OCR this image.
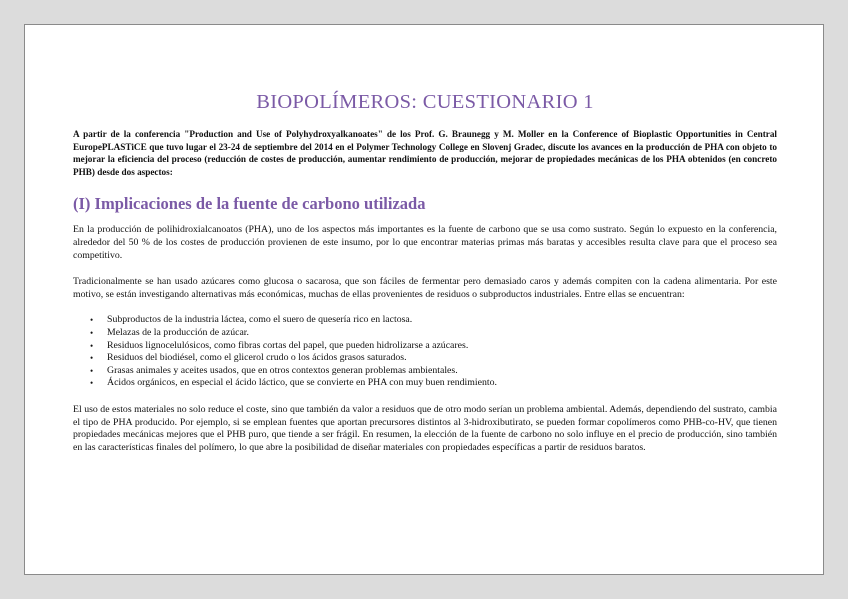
BIOPOLÍMEROS: CUESTIONARIO 1

A partir de la conferencia "Production and Use of Polyhydroxyalkanoates" de los Prof. G. Braunegg y M. Moller en la Conference of Bioplastic Opportunities in Central EuropePLASTiCE que tuvo lugar el 23-24 de septiembre del 2014 en el Polymer Technology College en Slovenj Gradec, discute los avances en la producción de PHA con objeto to mejorar la eficiencia del proceso (reducción de costes de producción, aumentar rendimiento de producción, mejorar de propiedades mecánicas de los PHA obtenidos (en concreto PHB) desde dos aspectos:

(I) Implicaciones de la fuente de carbono utilizada

En la producción de polihidroxialcanoatos (PHA), uno de los aspectos más importantes es la fuente de carbono que se usa como sustrato. Según lo expuesto en la conferencia, alrededor del 50 % de los costes de producción provienen de este insumo, por lo que encontrar materias primas más baratas y accesibles resulta clave para que el proceso sea competitivo.

Tradicionalmente se han usado azúcares como glucosa o sacarosa, que son fáciles de fermentar pero demasiado caros y además compiten con la cadena alimentaria. Por este motivo, se están investigando alternativas más económicas, muchas de ellas provenientes de residuos o subproductos industriales. Entre ellas se encuentran:

• Subproductos de la industria láctea, como el suero de quesería rico en lactosa.
• Melazas de la producción de azúcar.
• Residuos lignocelulósicos, como fibras cortas del papel, que pueden hidrolizarse a azúcares.
• Residuos del biodiésel, como el glicerol crudo o los ácidos grasos saturados.
• Grasas animales y aceites usados, que en otros contextos generan problemas ambientales.
• Ácidos orgánicos, en especial el ácido láctico, que se convierte en PHA con muy buen rendimiento.

El uso de estos materiales no solo reduce el coste, sino que también da valor a residuos que de otro modo serían un problema ambiental. Además, dependiendo del sustrato, cambia el tipo de PHA producido. Por ejemplo, si se emplean fuentes que aportan precursores distintos al 3-hidroxibutirato, se pueden formar copolímeros como PHB-co-HV, que tienen propiedades mecánicas mejores que el PHB puro, que tiende a ser frágil. En resumen, la elección de la fuente de carbono no solo influye en el precio de producción, sino también en las características finales del polímero, lo que abre la posibilidad de diseñar materiales con propiedades específicas a partir de residuos baratos.
